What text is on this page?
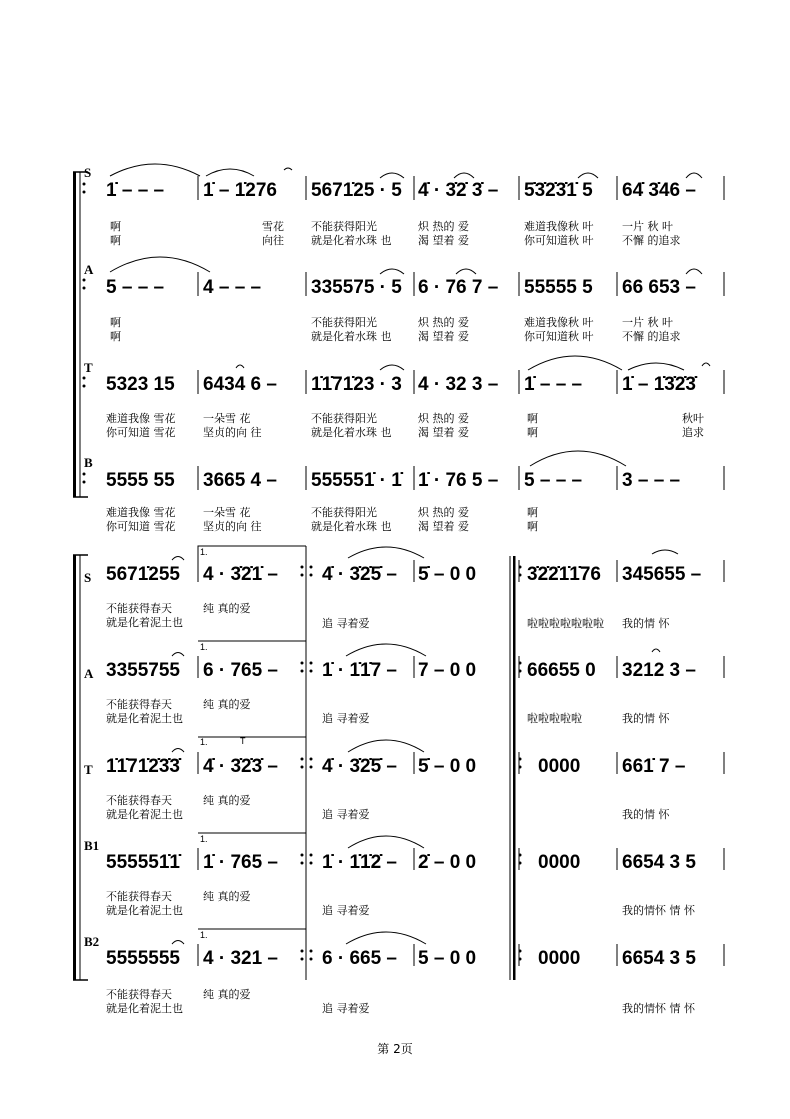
S
A
T
B
1̇ – – – 1̇ – 1̇276 5671̇25 · 5 4̇ · 3̇2̇ 3̇ – 5̇3̇2̇3̇1̇ 5 64̇ 3̇46 –
啊	雪花 不能获得阳光	炽 热的 爱	难道我像秋 叶	一片 秋 叶
啊	向往 就是化着水珠 也 渴 望着 爱	你可知道秋 叶	不懈 的追求
5 – – – 4 – – –	335575 · 5 6 · 76 7 – 55555 5 66 653 –
啊	不能获得阳光	炽 热的 爱	难道我像秋 叶	一片 秋 叶
啊	就是化着水珠 也 渴 望着 爱	你可知道秋 叶	不懈 的追求
5323 15 6434 6 – 1̇1̇71̇23 · 3 4 · 32 3 – 1̇ – – – 1̇ – 1̇3̇2̇3̇
难道我像 雪花	一朵雪 花	不能获得阳光	炽 热的 爱	啊	秋叶
你可知道 雪花	坚贞的向 往	就是化着水珠 也 渴 望着 爱	啊	追求
5555 55 3665 4 – 555551̇ · 1̇ 1̇ · 76 5 – 5 – – – 3 – – –
难道我像 雪花	一朵雪 花	不能获得阳光	炽 热的 爱	啊
你可知道 雪花	坚贞的向 往	就是化着水珠 也 渴 望着 爱	啊
1.
1.
1.
1.
1.
T
S
A
T
B1
B2
5671̇255 4 · 3̇2̇1̇ – 4̇ · 3̇2̇5̇ – 5̇ – 0 0	3̇2̇2̇1̇1̇76 345655 –
不能获得春天	纯 真的爱
追 寻着爱	啦啦啦啦啦啦啦 我的情 怀
就是化着泥土也
3355755 6 · 765 – 1̇ · 1̇1̇7 – 7 – 0 0	66655 0 3212 3 –
不能获得春天	纯 真的爱
啦啦啦啦啦	我的情 怀
就是化着泥土也	追 寻着爱
1̇1̇71̇2̇3̇3̇ 4̇ · 3̇2̇3̇ – 4̇ · 3̇2̇5̇ – 5̇ – 0 0	0000 661̇ 7 –
不能获得春天	纯 真的爱
我的情 怀
就是化着泥土也	追 寻着爱
555551̇1̇ 1̇ · 765 – 1̇ · 1̇1̇2̇ – 2̇ – 0 0	0000 6654 3 5
不能获得春天	纯 真的爱
就是化着泥土也	追 寻着爱	我的情怀 情 怀
5555555 4 · 321 – 6 · 665 – 5 – 0 0	0000 6654 3 5
不能获得春天	纯 真的爱
就是化着泥土也	追 寻着爱	我的情怀 情 怀
第 2页
